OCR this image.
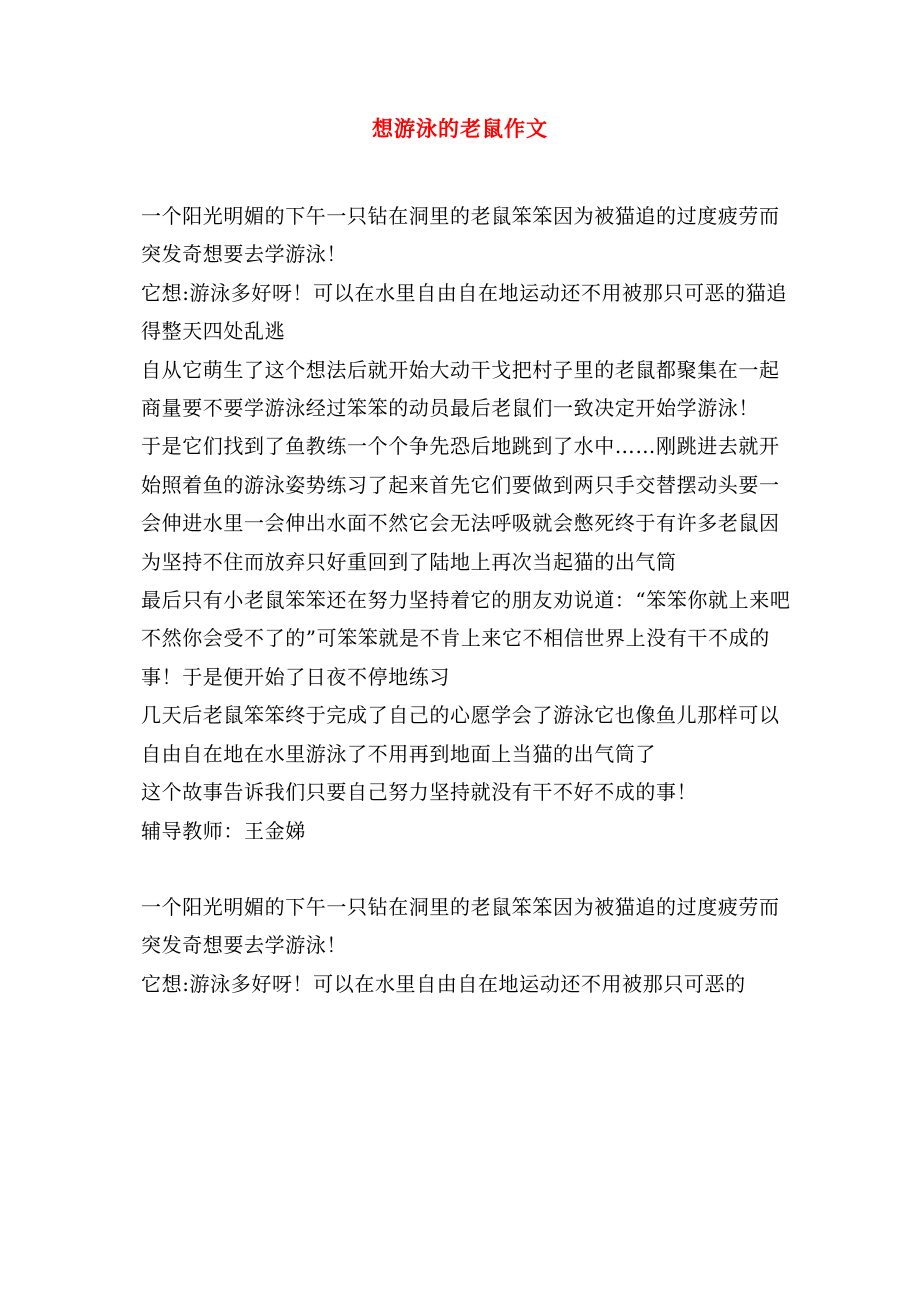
想游泳的老鼠作文

一个阳光明媚的下午一只钻在洞里的老鼠笨笨因为被猫追的过度疲劳而突发奇想要去学游泳！

它想:游泳多好呀！可以在水里自由自在地运动还不用被那只可恶的猫追得整天四处乱逃

自从它萌生了这个想法后就开始大动干戈把村子里的老鼠都聚集在一起商量要不要学游泳经过笨笨的动员最后老鼠们一致决定开始学游泳！

于是它们找到了鱼教练一个个争先恐后地跳到了水中……刚跳进去就开始照着鱼的游泳姿势练习了起来首先它们要做到两只手交替摆动头要一会伸进水里一会伸出水面不然它会无法呼吸就会憋死终于有许多老鼠因为坚持不住而放弃只好重回到了陆地上再次当起猫的出气筒

最后只有小老鼠笨笨还在努力坚持着它的朋友劝说道：“笨笨你就上来吧不然你会受不了的”可笨笨就是不肯上来它不相信世界上没有干不成的事！于是便开始了日夜不停地练习

几天后老鼠笨笨终于完成了自己的心愿学会了游泳它也像鱼儿那样可以自由自在地在水里游泳了不用再到地面上当猫的出气筒了

这个故事告诉我们只要自己努力坚持就没有干不好不成的事！

辅导教师：王金娣

一个阳光明媚的下午一只钻在洞里的老鼠笨笨因为被猫追的过度疲劳而突发奇想要去学游泳！

它想:游泳多好呀！可以在水里自由自在地运动还不用被那只可恶的
